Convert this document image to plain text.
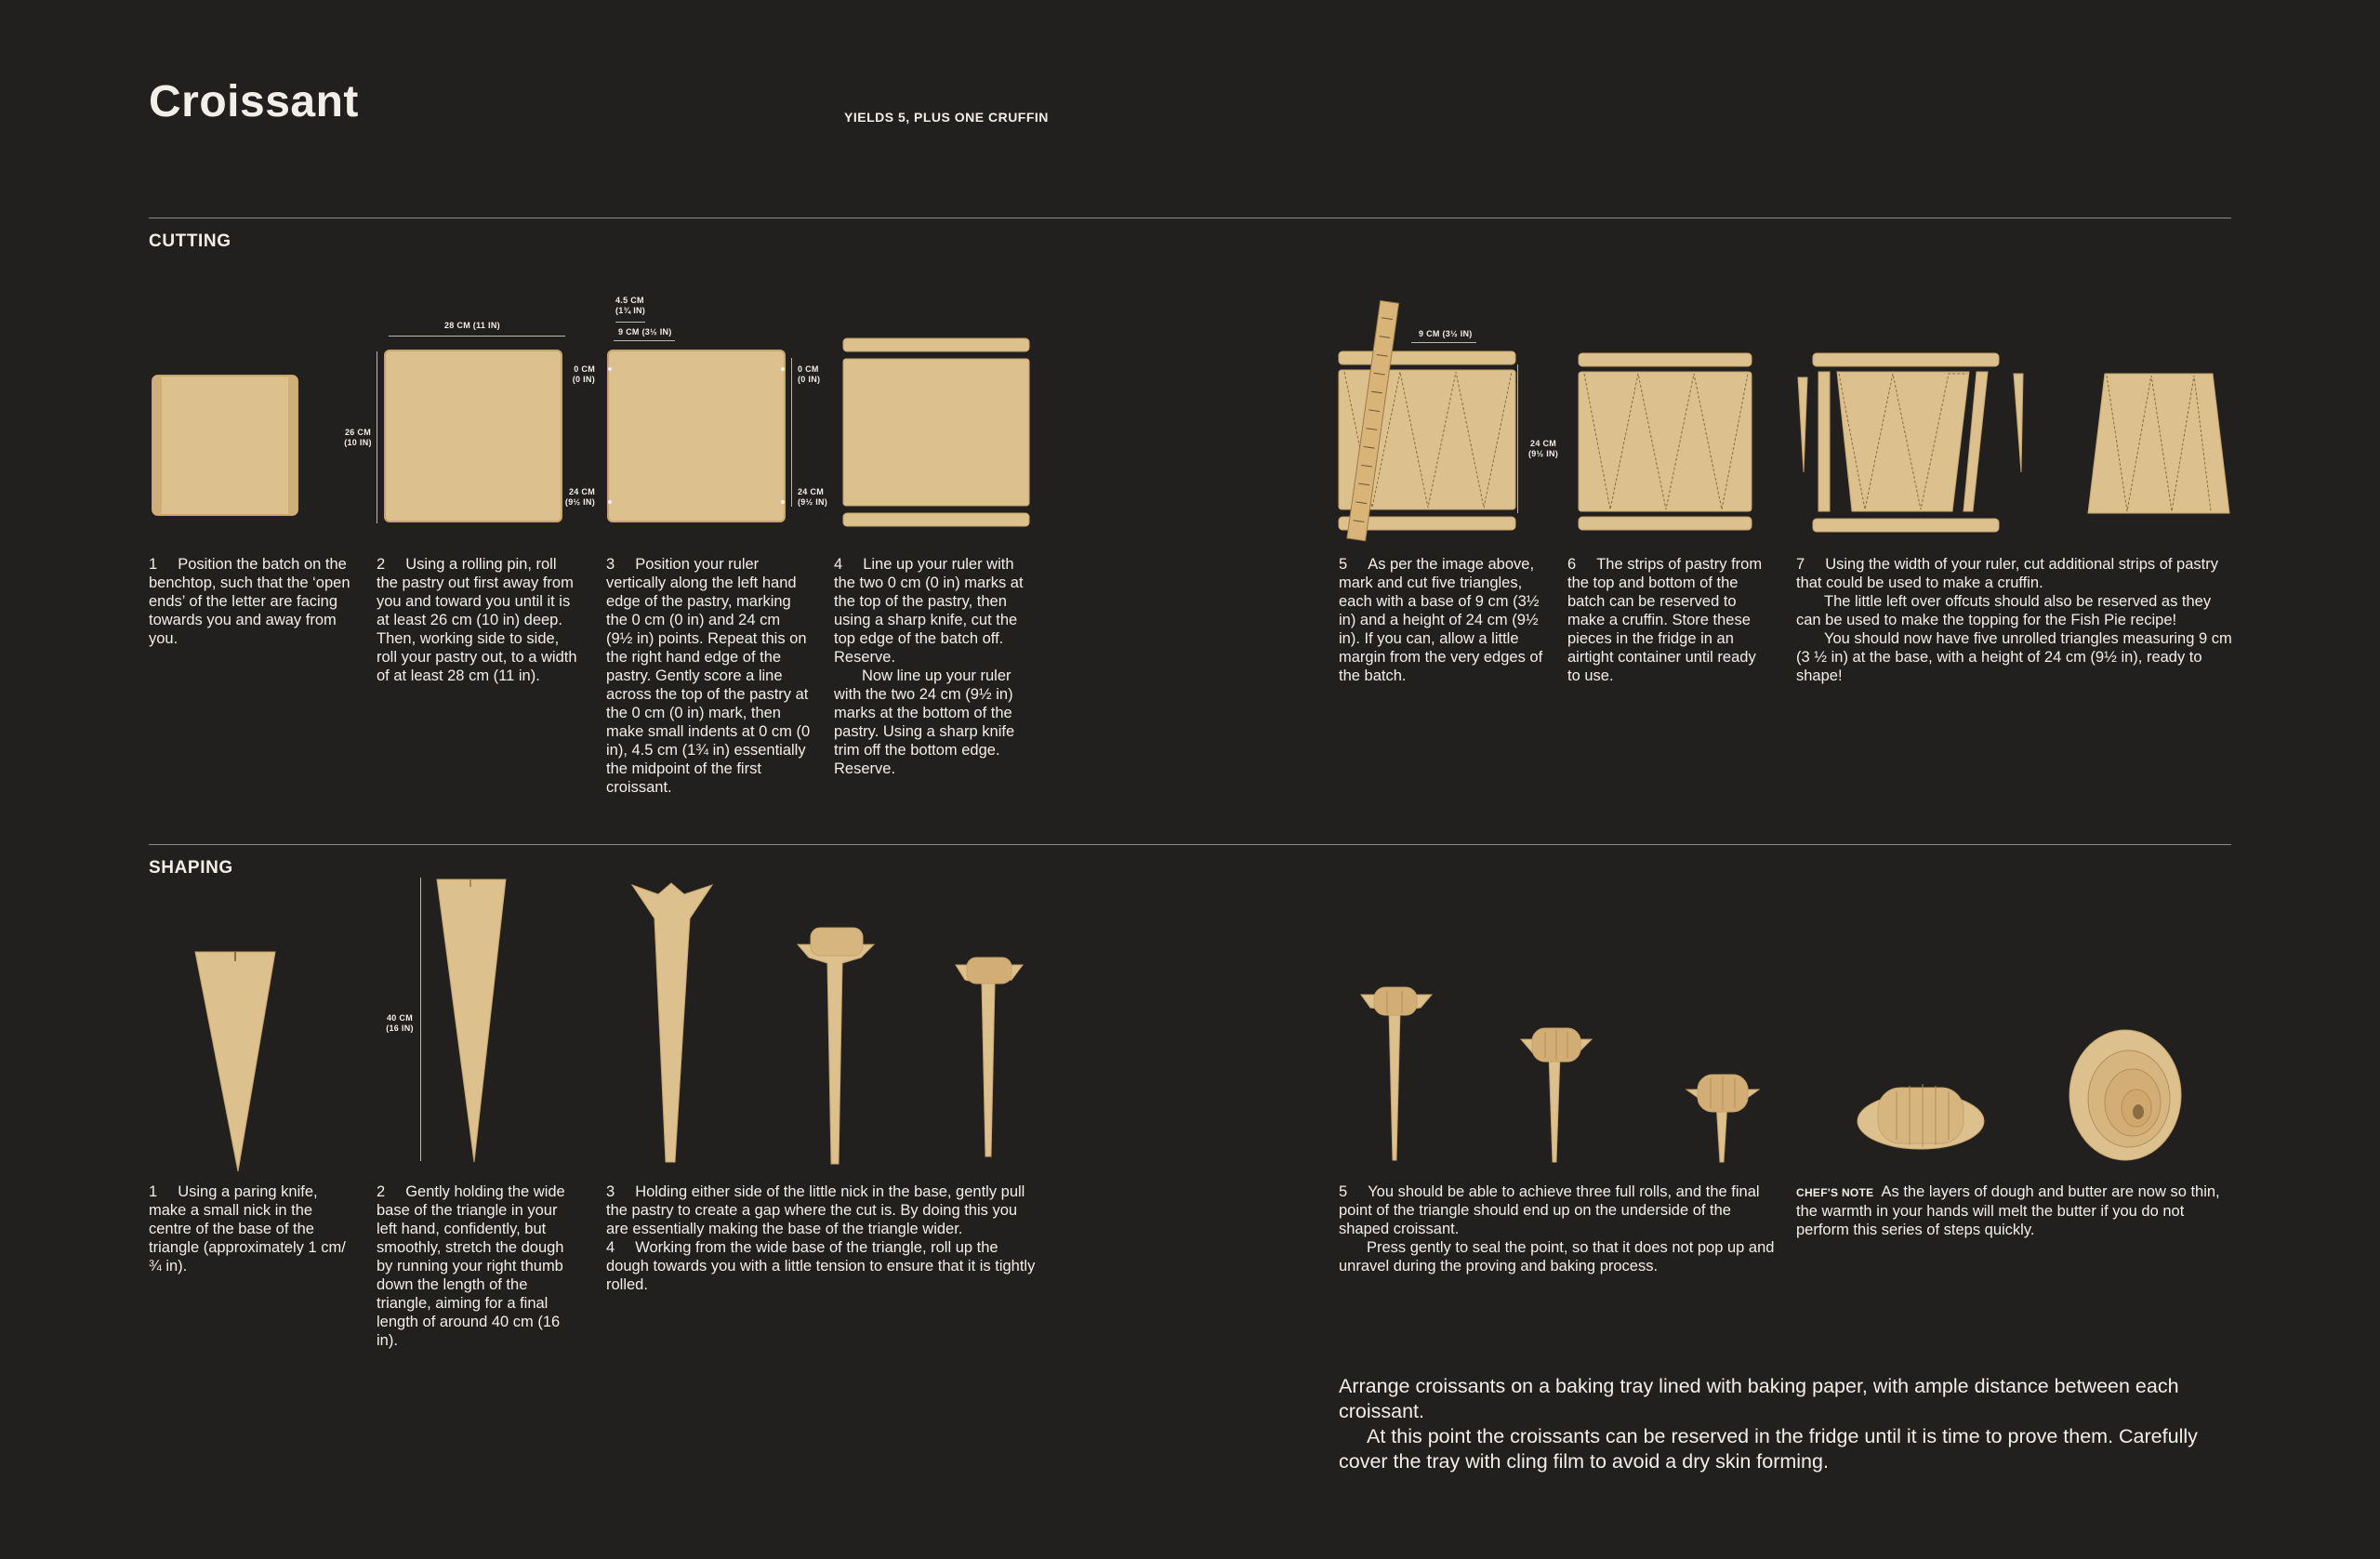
Croissant	YIELDS 5, PLUS ONE CRUFFIN
CUTTING
28 CM (11 IN)
26 CM
(10 IN)
4.5 CM
(1¾ IN)
9 CM (3½ IN)
0 CM
(0 IN)
24 CM
(9½ IN)
0 CM
(0 IN)
24 CM
(9½ IN)
9 CM (3½ IN)
24 CM
(9½ IN)

1 Position the batch on the benchtop, such that the ‘open ends’ of the letter are facing towards you and away from you.

2 Using a rolling pin, roll the pastry out first away from you and toward you until it is at least 26 cm (10 in) deep. Then, working side to side, roll your pastry out, to a width of at least 28 cm (11 in).

3 Position your ruler vertically along the left hand edge of the pastry, marking the 0 cm (0 in) and 24 cm (9½ in) points. Repeat this on the right hand edge of the pastry. Gently score a line across the top of the pastry at the 0 cm (0 in) mark, then make small indents at 0 cm (0 in), 4.5 cm (1¾ in) essentially the midpoint of the first croissant.

4 Line up your ruler with the two 0 cm (0 in) marks at the top of the pastry, then using a sharp knife, cut the top edge of the batch off. Reserve.

Now line up your ruler with the two 24 cm (9½ in) marks at the bottom of the pastry. Using a sharp knife trim off the bottom edge. Reserve.

5 As per the image above, mark and cut five triangles, each with a base of 9 cm (3½ in) and a height of 24 cm (9½ in). If you can, allow a little margin from the very edges of the batch.

6 The strips of pastry from the top and bottom of the batch can be reserved to make a cruffin. Store these pieces in the fridge in an airtight container until ready to use.

7 Using the width of your ruler, cut additional strips of pastry that could be used to make a cruffin.

The little left over offcuts should also be reserved as they can be used to make the topping for the Fish Pie recipe!

You should now have five unrolled triangles measuring 9 cm (3 ½ in) at the base, with a height of 24 cm (9½ in), ready to shape!

SHAPING
40 CM
(16 IN)

1 Using a paring knife, make a small nick in the centre of the base of the triangle (approximately 1 cm/ ¾ in).

2 Gently holding the wide base of the triangle in your left hand, confidently, but smoothly, stretch the dough by running your right thumb down the length of the triangle, aiming for a final length of around 40 cm (16 in).

3 Holding either side of the little nick in the base, gently pull the pastry to create a gap where the cut is. By doing this you are essentially making the base of the triangle wider.

4 Working from the wide base of the triangle, roll up the dough towards you with a little tension to ensure that it is tightly rolled.

5 You should be able to achieve three full rolls, and the final point of the triangle should end up on the underside of the shaped croissant.

Press gently to seal the point, so that it does not pop up and unravel during the proving and baking process.

CHEF'S NOTE As the layers of dough and butter are now so thin, the warmth in your hands will melt the butter if you do not perform this series of steps quickly.

Arrange croissants on a baking tray lined with baking paper, with ample distance between each croissant.

At this point the croissants can be reserved in the fridge until it is time to prove them. Carefully cover the tray with cling film to avoid a dry skin forming.
